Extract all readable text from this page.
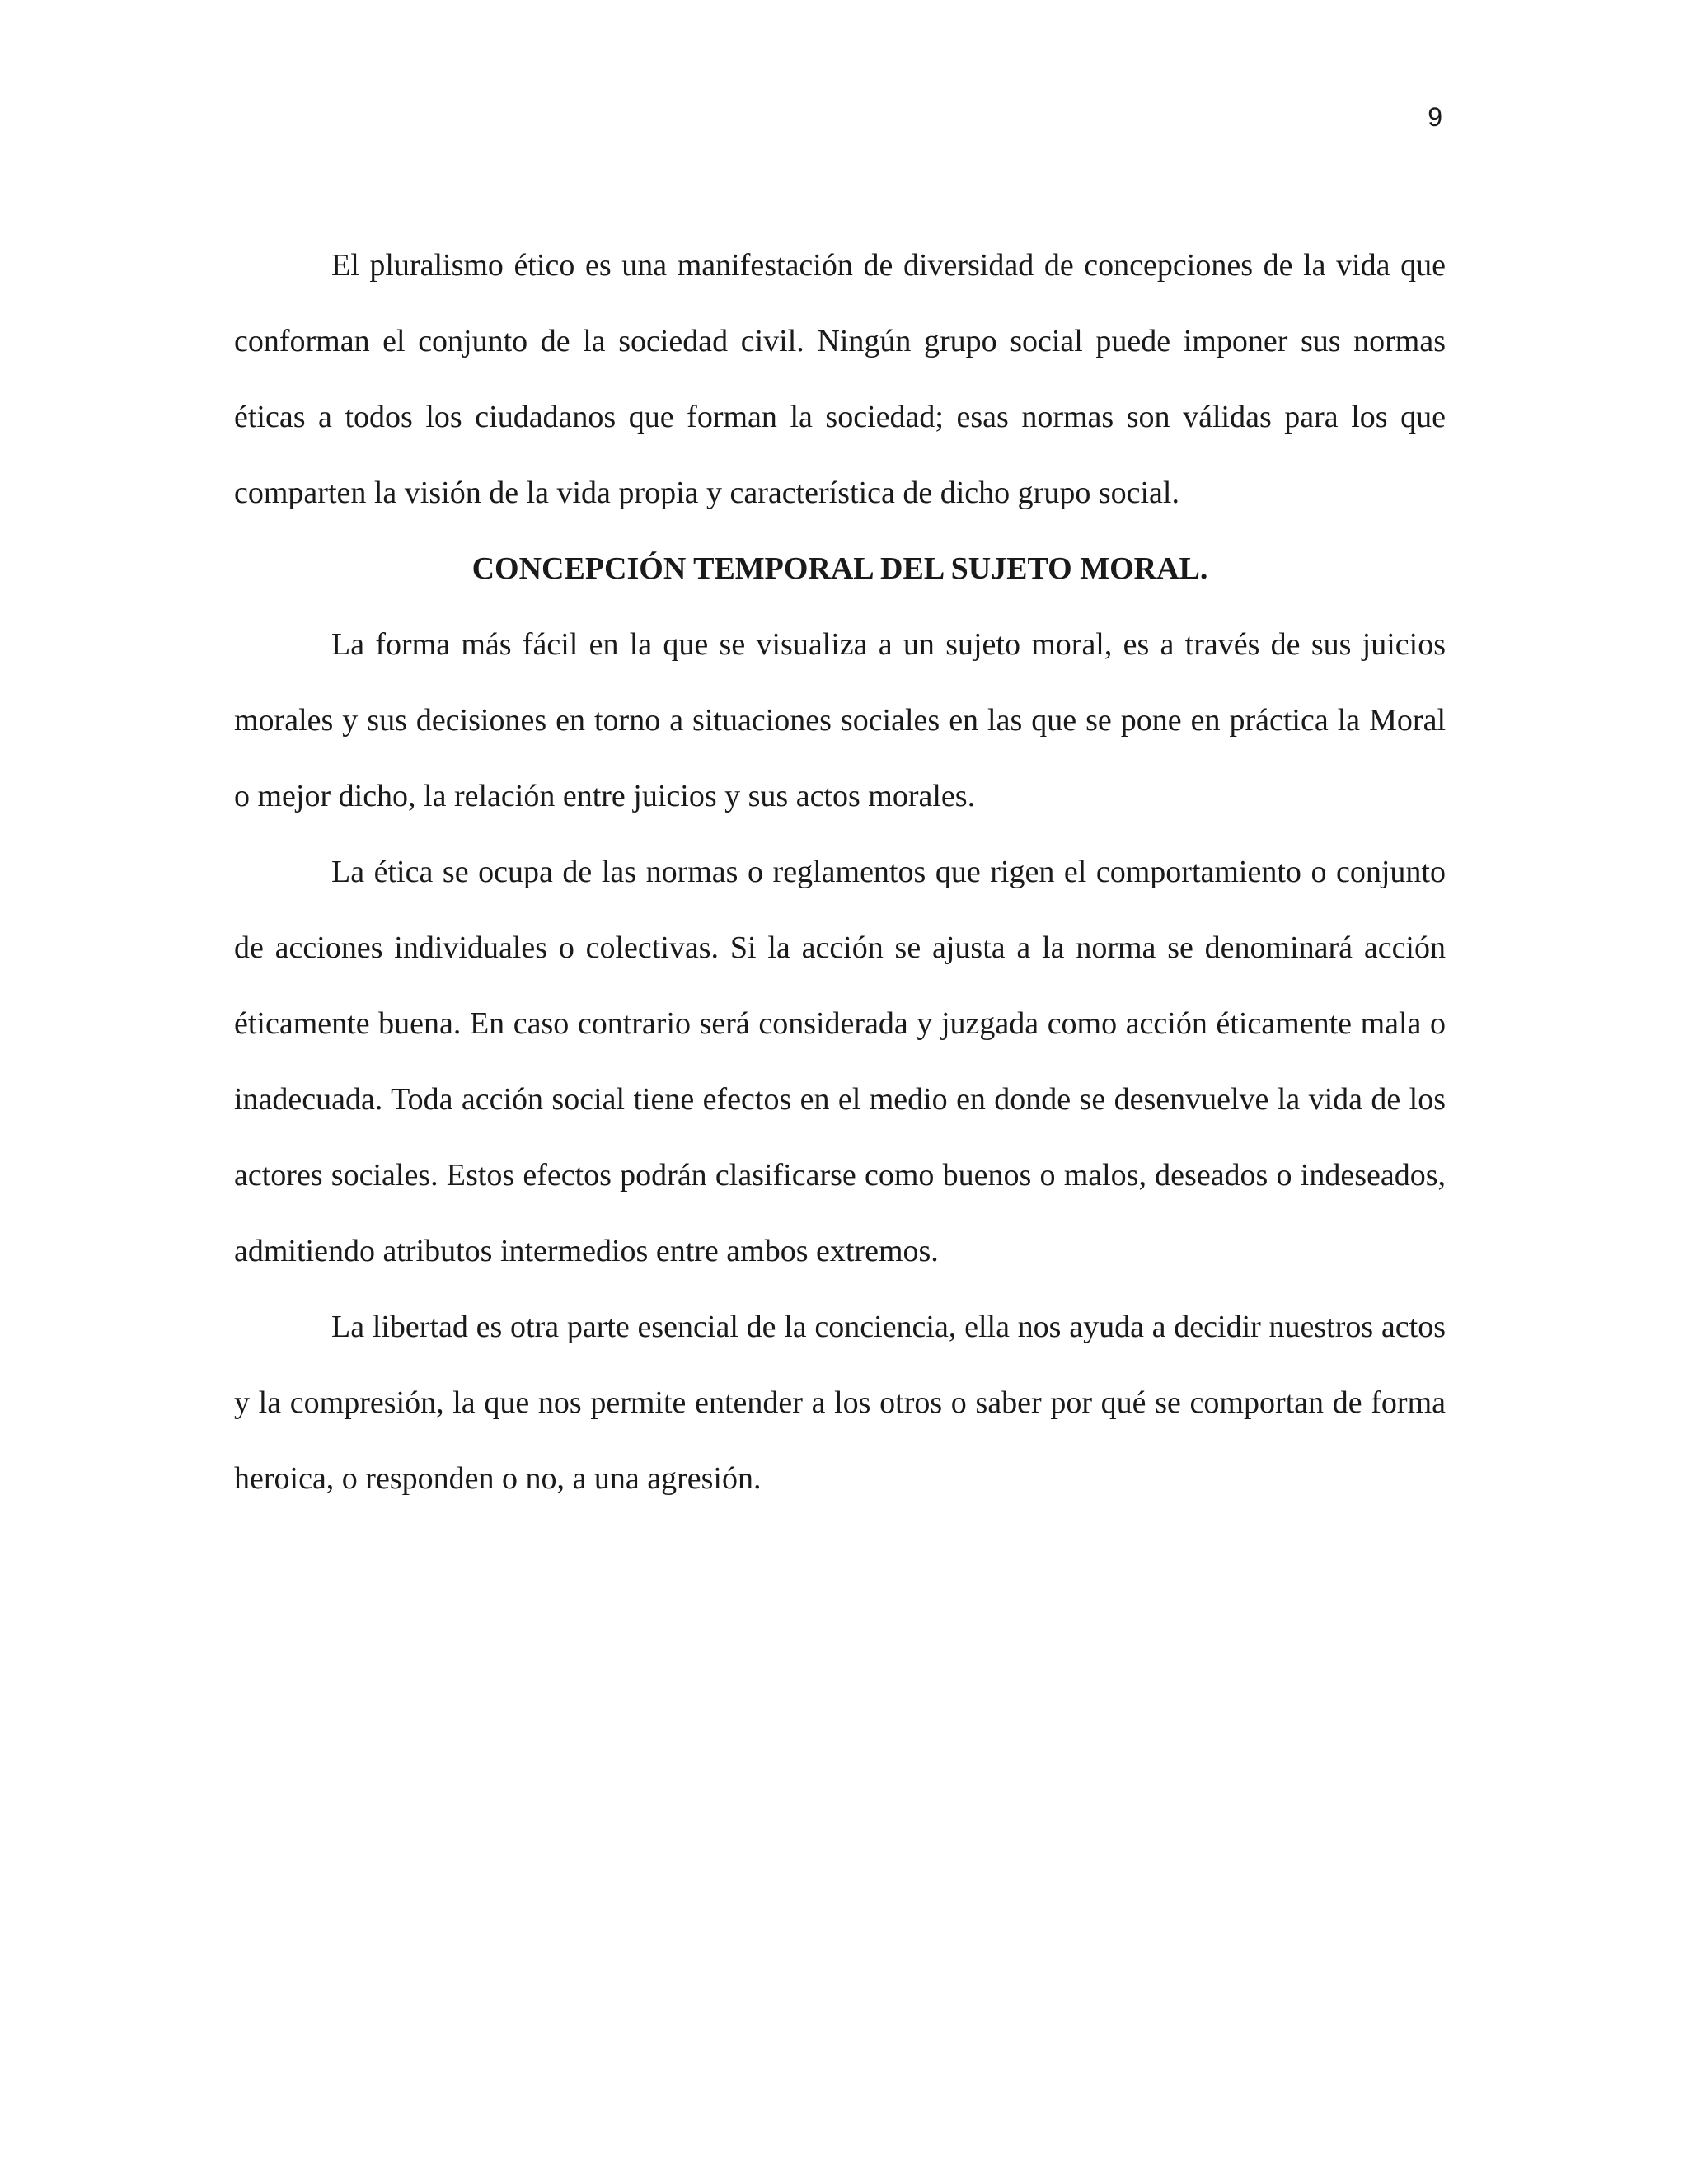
9

El pluralismo ético es una manifestación de diversidad de concepciones de la vida que conforman el conjunto de la sociedad civil. Ningún grupo social puede imponer sus normas éticas a todos los ciudadanos que forman la sociedad; esas normas son válidas para los que comparten la visión de la vida propia y característica de dicho grupo social.

CONCEPCIÓN TEMPORAL DEL SUJETO MORAL.

La forma más fácil en la que se visualiza a un sujeto moral, es a través de sus juicios morales y sus decisiones en torno a situaciones sociales en las que se pone en práctica la Moral o mejor dicho, la relación entre juicios y sus actos morales.

La ética se ocupa de las normas o reglamentos que rigen el comportamiento o conjunto de acciones individuales o colectivas. Si la acción se ajusta a la norma se denominará acción éticamente buena. En caso contrario será considerada y juzgada como acción éticamente mala o inadecuada. Toda acción social tiene efectos en el medio en donde se desenvuelve la vida de los actores sociales. Estos efectos podrán clasificarse como buenos o malos, deseados o indeseados, admitiendo atributos intermedios entre ambos extremos.

La libertad es otra parte esencial de la conciencia, ella nos ayuda a decidir nuestros actos y la compresión, la que nos permite entender a los otros o saber por qué se comportan de forma heroica, o responden o no, a una agresión.
